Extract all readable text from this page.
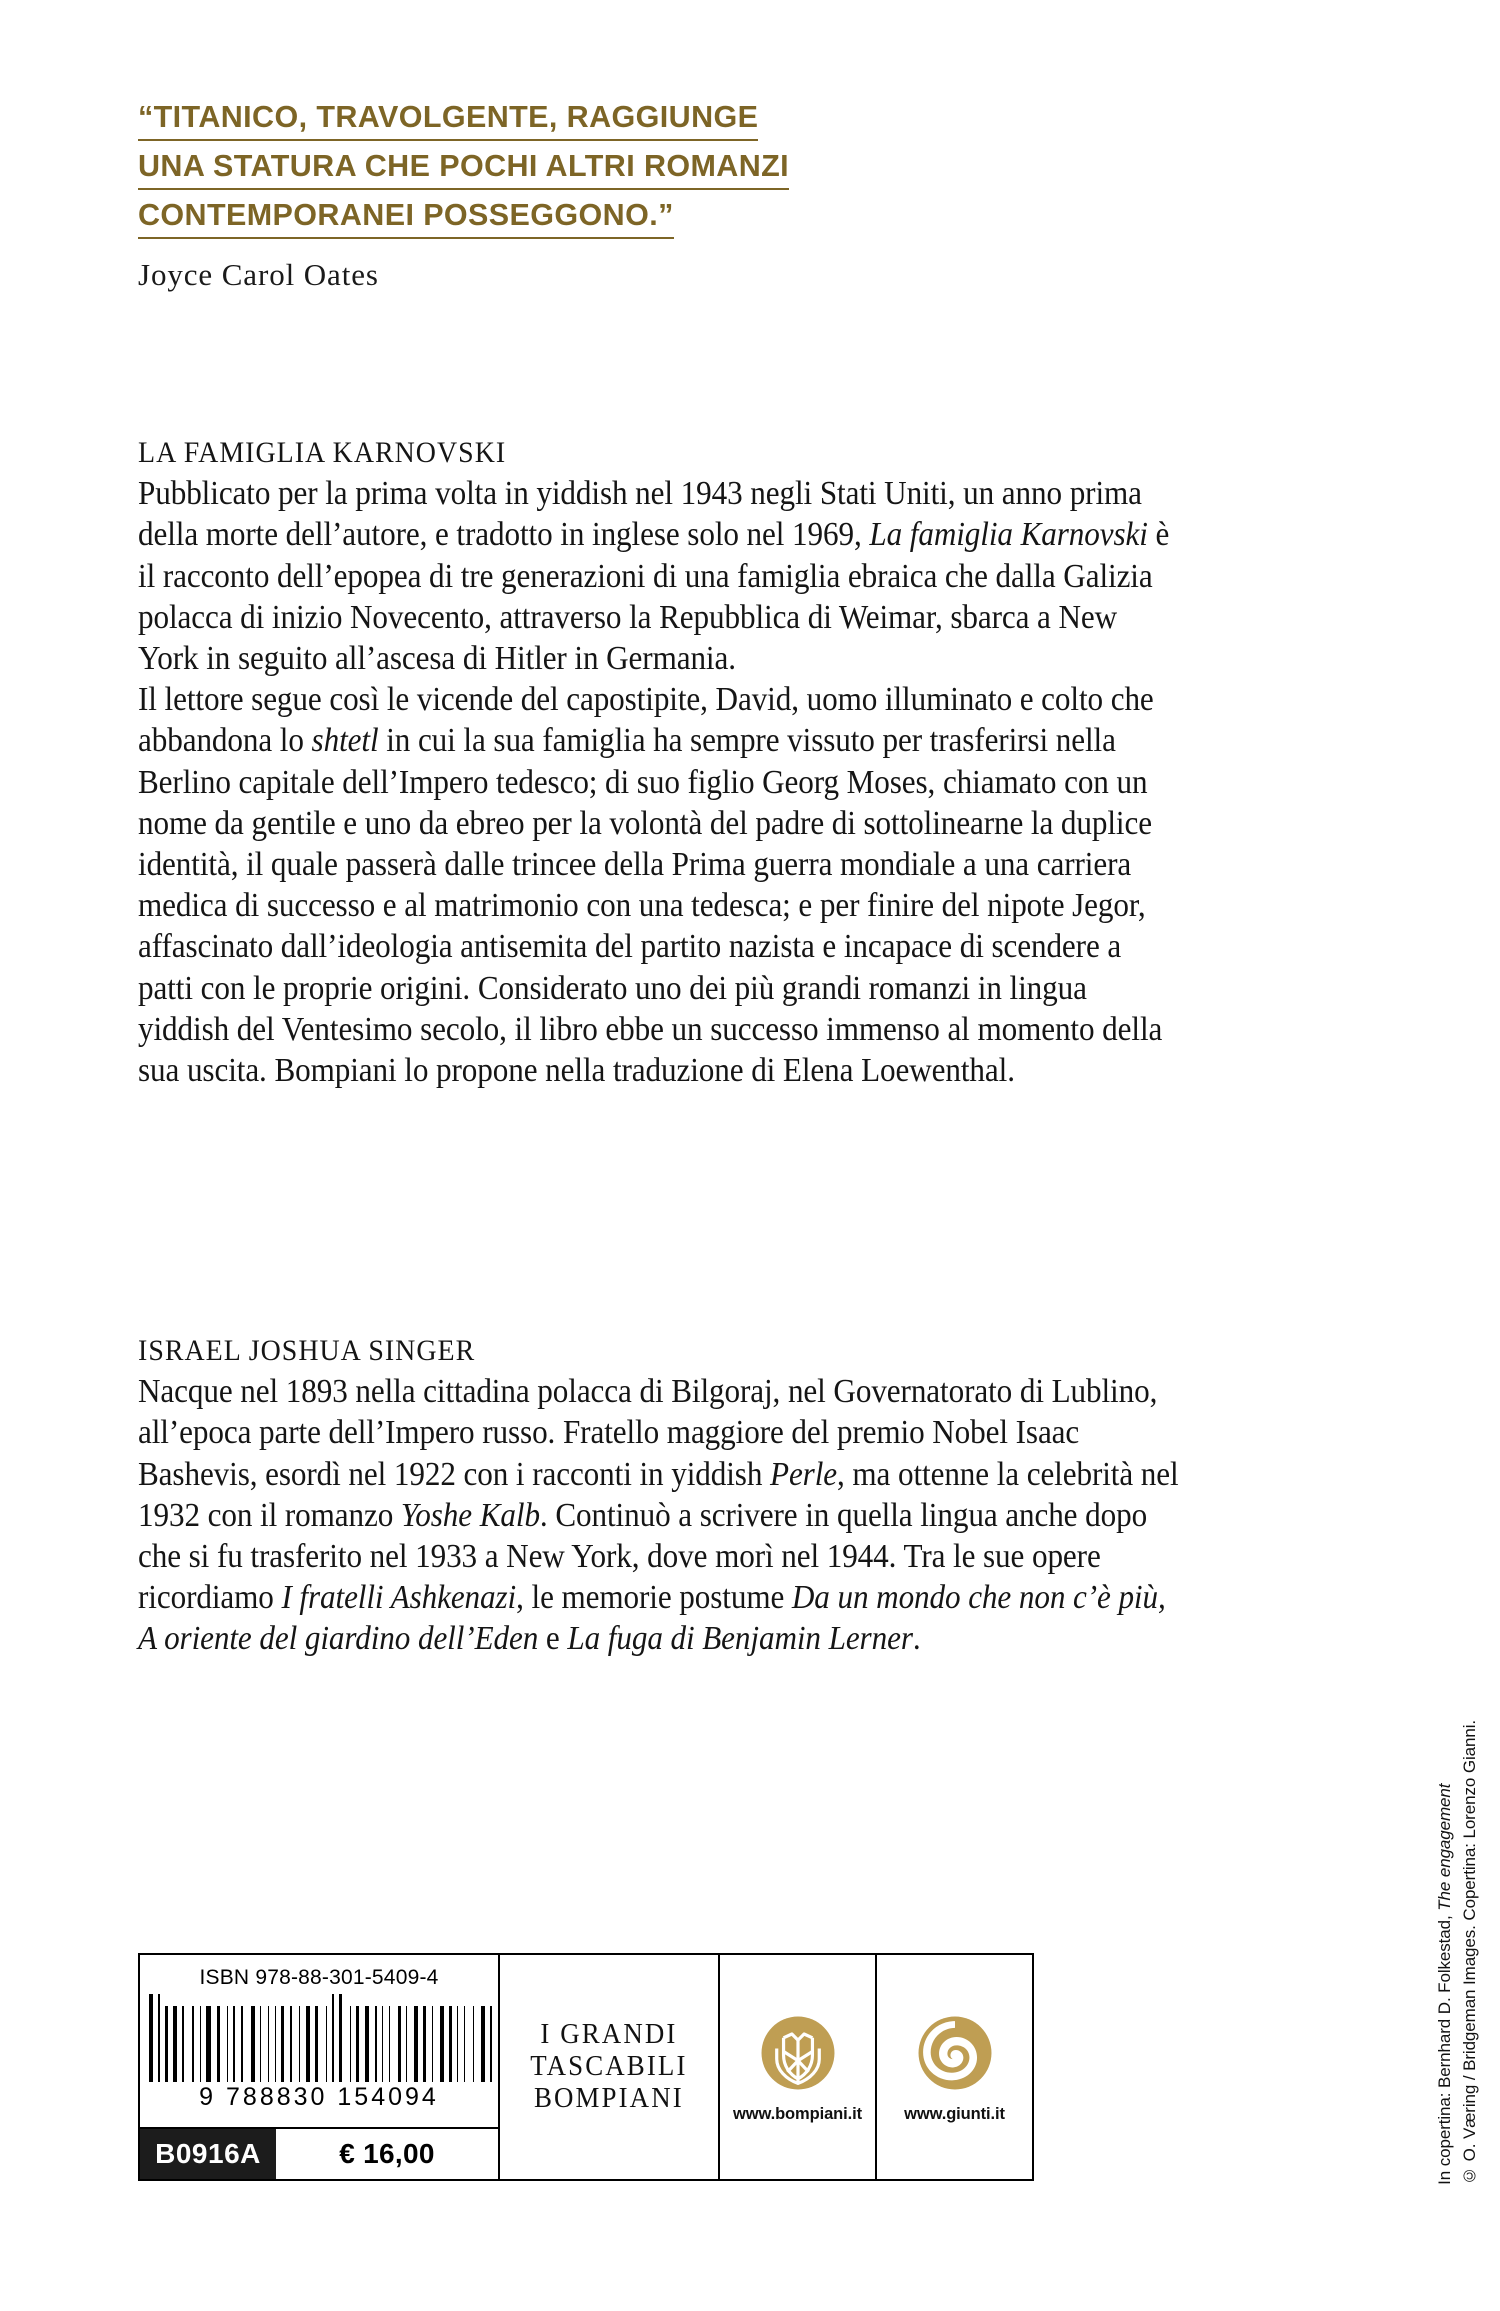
“TITANICO, TRAVOLGENTE, RAGGIUNGE
UNA STATURA CHE POCHI ALTRI ROMANZI
CONTEMPORANEI POSSEGGONO.”
Joyce Carol Oates

LA FAMIGLIA KARNOVSKI
Pubblicato per la prima volta in yiddish nel 1943 negli Stati Uniti, un anno prima della morte dell’autore, e tradotto in inglese solo nel 1969, La famiglia Karnovski è il racconto dell’epopea di tre generazioni di una famiglia ebraica che dalla Galizia polacca di inizio Novecento, attraverso la Repubblica di Weimar, sbarca a New York in seguito all’ascesa di Hitler in Germania.
Il lettore segue così le vicende del capostipite, David, uomo illuminato e colto che abbandona lo shtetl in cui la sua famiglia ha sempre vissuto per trasferirsi nella Berlino capitale dell’Impero tedesco; di suo figlio Georg Moses, chiamato con un nome da gentile e uno da ebreo per la volontà del padre di sottolinearne la duplice identità, il quale passerà dalle trincee della Prima guerra mondiale a una carriera medica di successo e al matrimonio con una tedesca; e per finire del nipote Jegor, affascinato dall’ideologia antisemita del partito nazista e incapace di scendere a patti con le proprie origini. Considerato uno dei più grandi romanzi in lingua yiddish del Ventesimo secolo, il libro ebbe un successo immenso al momento della sua uscita. Bompiani lo propone nella traduzione di Elena Loewenthal.

ISRAEL JOSHUA SINGER
Nacque nel 1893 nella cittadina polacca di Bilgoraj, nel Governatorato di Lublino, all’epoca parte dell’Impero russo. Fratello maggiore del premio Nobel Isaac Bashevis, esordì nel 1922 con i racconti in yiddish Perle, ma ottenne la celebrità nel 1932 con il romanzo Yoshe Kalb. Continuò a scrivere in quella lingua anche dopo che si fu trasferito nel 1933 a New York, dove morì nel 1944. Tra le sue opere ricordiamo I fratelli Ashkenazi, le memorie postume Da un mondo che non c’è più, A oriente del giardino dell’Eden e La fuga di Benjamin Lerner.

ISBN 978-88-301-5409-4
9 788830 154094
B0916A	€ 16,00
I GRANDI
TASCABILI
BOMPIANI	www.bompiani.it	www.giunti.it	In copertina: Bernhard D. Folkestad, The engagement © O. Væring / Bridgeman Images. Copertina: Lorenzo Gianni.
